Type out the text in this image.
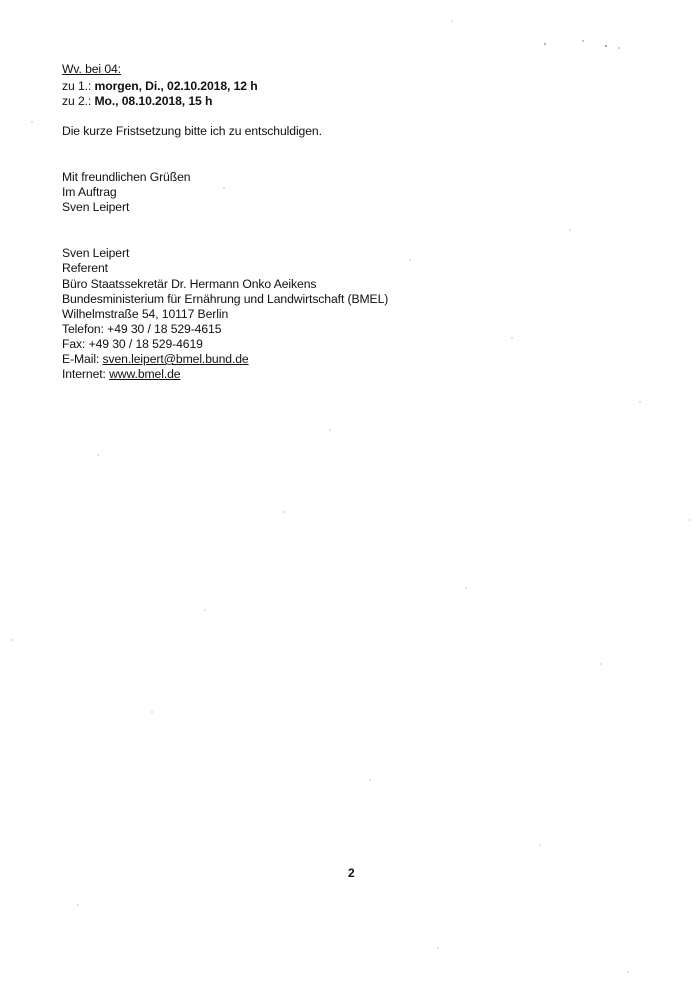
Wv. bei 04:
zu 1.: morgen, Di., 02.10.2018, 12 h
zu 2.: Mo., 08.10.2018, 15 h
Die kurze Fristsetzung bitte ich zu entschuldigen.
Mit freundlichen Grüßen
Im Auftrag
Sven Leipert
Sven Leipert
Referent
Büro Staatssekretär Dr. Hermann Onko Aeikens
Bundesministerium für Ernährung und Landwirtschaft (BMEL)
Wilhelmstraße 54, 10117 Berlin
Telefon: +49 30 / 18 529-4615
Fax: +49 30 / 18 529-4619
E-Mail: sven.leipert@bmel.bund.de
Internet: www.bmel.de
2
